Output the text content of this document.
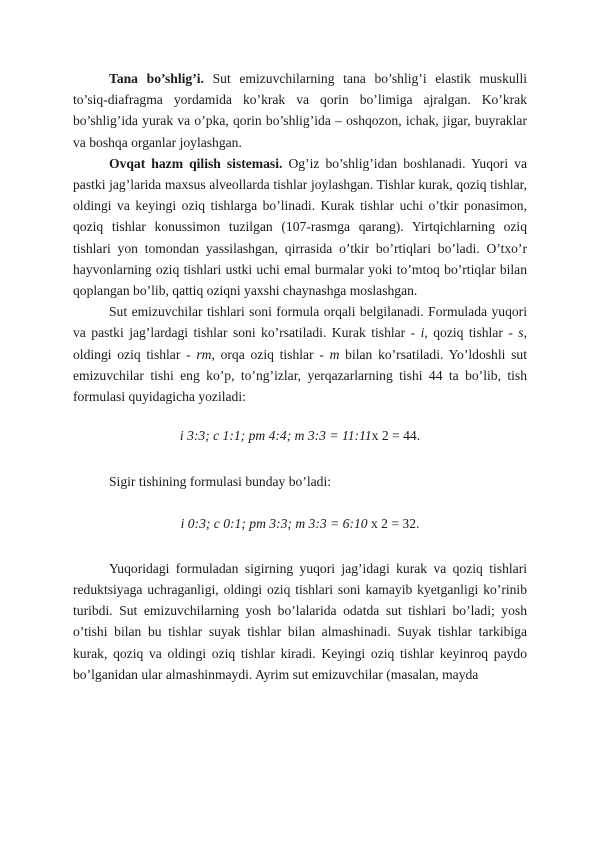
Tana bo’shlig’i. Sut emizuvchilarning tana bo’shlig’i elastik muskulli to’siq-diafragma yordamida ko’krak va qorin bo’limiga ajralgan. Ko’krak bo’shlig’ida yurak va o’pka, qorin bo’shlig’ida – oshqozon, ichak, jigar, buyraklar va boshqa organlar joylashgan.

Ovqat hazm qilish sistemasi. Og’iz bo’shlig’idan boshlanadi. Yuqori va pastki jag’larida maxsus alveollarda tishlar joylashgan. Tishlar kurak, qoziq tishlar, oldingi va keyingi oziq tishlarga bo’linadi. Kurak tishlar uchi o’tkir ponasimon, qoziq tishlar konussimon tuzilgan (107-rasmga qarang). Yirtqichlarning oziq tishlari yon tomondan yassilashgan, qirrasida o’tkir bo’rtiqlari bo’ladi. O’txo’r hayvonlarning oziq tishlari ustki uchi emal burmalar yoki to’mtoq bo’rtiqlar bilan qoplangan bo’lib, qattiq oziqni yaxshi chaynashga moslashgan.

Sut emizuvchilar tishlari soni formula orqali belgilanadi. Formulada yuqori va pastki jag’lardagi tishlar soni ko’rsatiladi. Kurak tishlar - i, qoziq tishlar - s, oldingi oziq tishlar - rm, orqa oziq tishlar - m bilan ko’rsatiladi. Yo’ldoshli sut emizuvchilar tishi eng ko’p, to’ng’izlar, yerqazarlarning tishi 44 ta bo’lib, tish formulasi quyidagicha yoziladi:

i 3:3; c 1:1; pm 4:4; m 3:3 = 11:11x 2 = 44.

Sigir tishining formulasi bunday bo’ladi:

i 0:3; c 0:1; pm 3:3; m 3:3 = 6:10 x 2 = 32.

Yuqoridagi formuladan sigirning yuqori jag’idagi kurak va qoziq tishlari reduktsiyaga uchraganligi, oldingi oziq tishlari soni kamayib kyetganligi ko’rinib turibdi. Sut emizuvchilarning yosh bo’lalarida odatda sut tishlari bo’ladi; yosh o’tishi bilan bu tishlar suyak tishlar bilan almashinadi. Suyak tishlar tarkibiga kurak, qoziq va oldingi oziq tishlar kiradi. Keyingi oziq tishlar keyinroq paydo bo’lganidan ular almashinmaydi. Ayrim sut emizuvchilar (masalan, mayda
